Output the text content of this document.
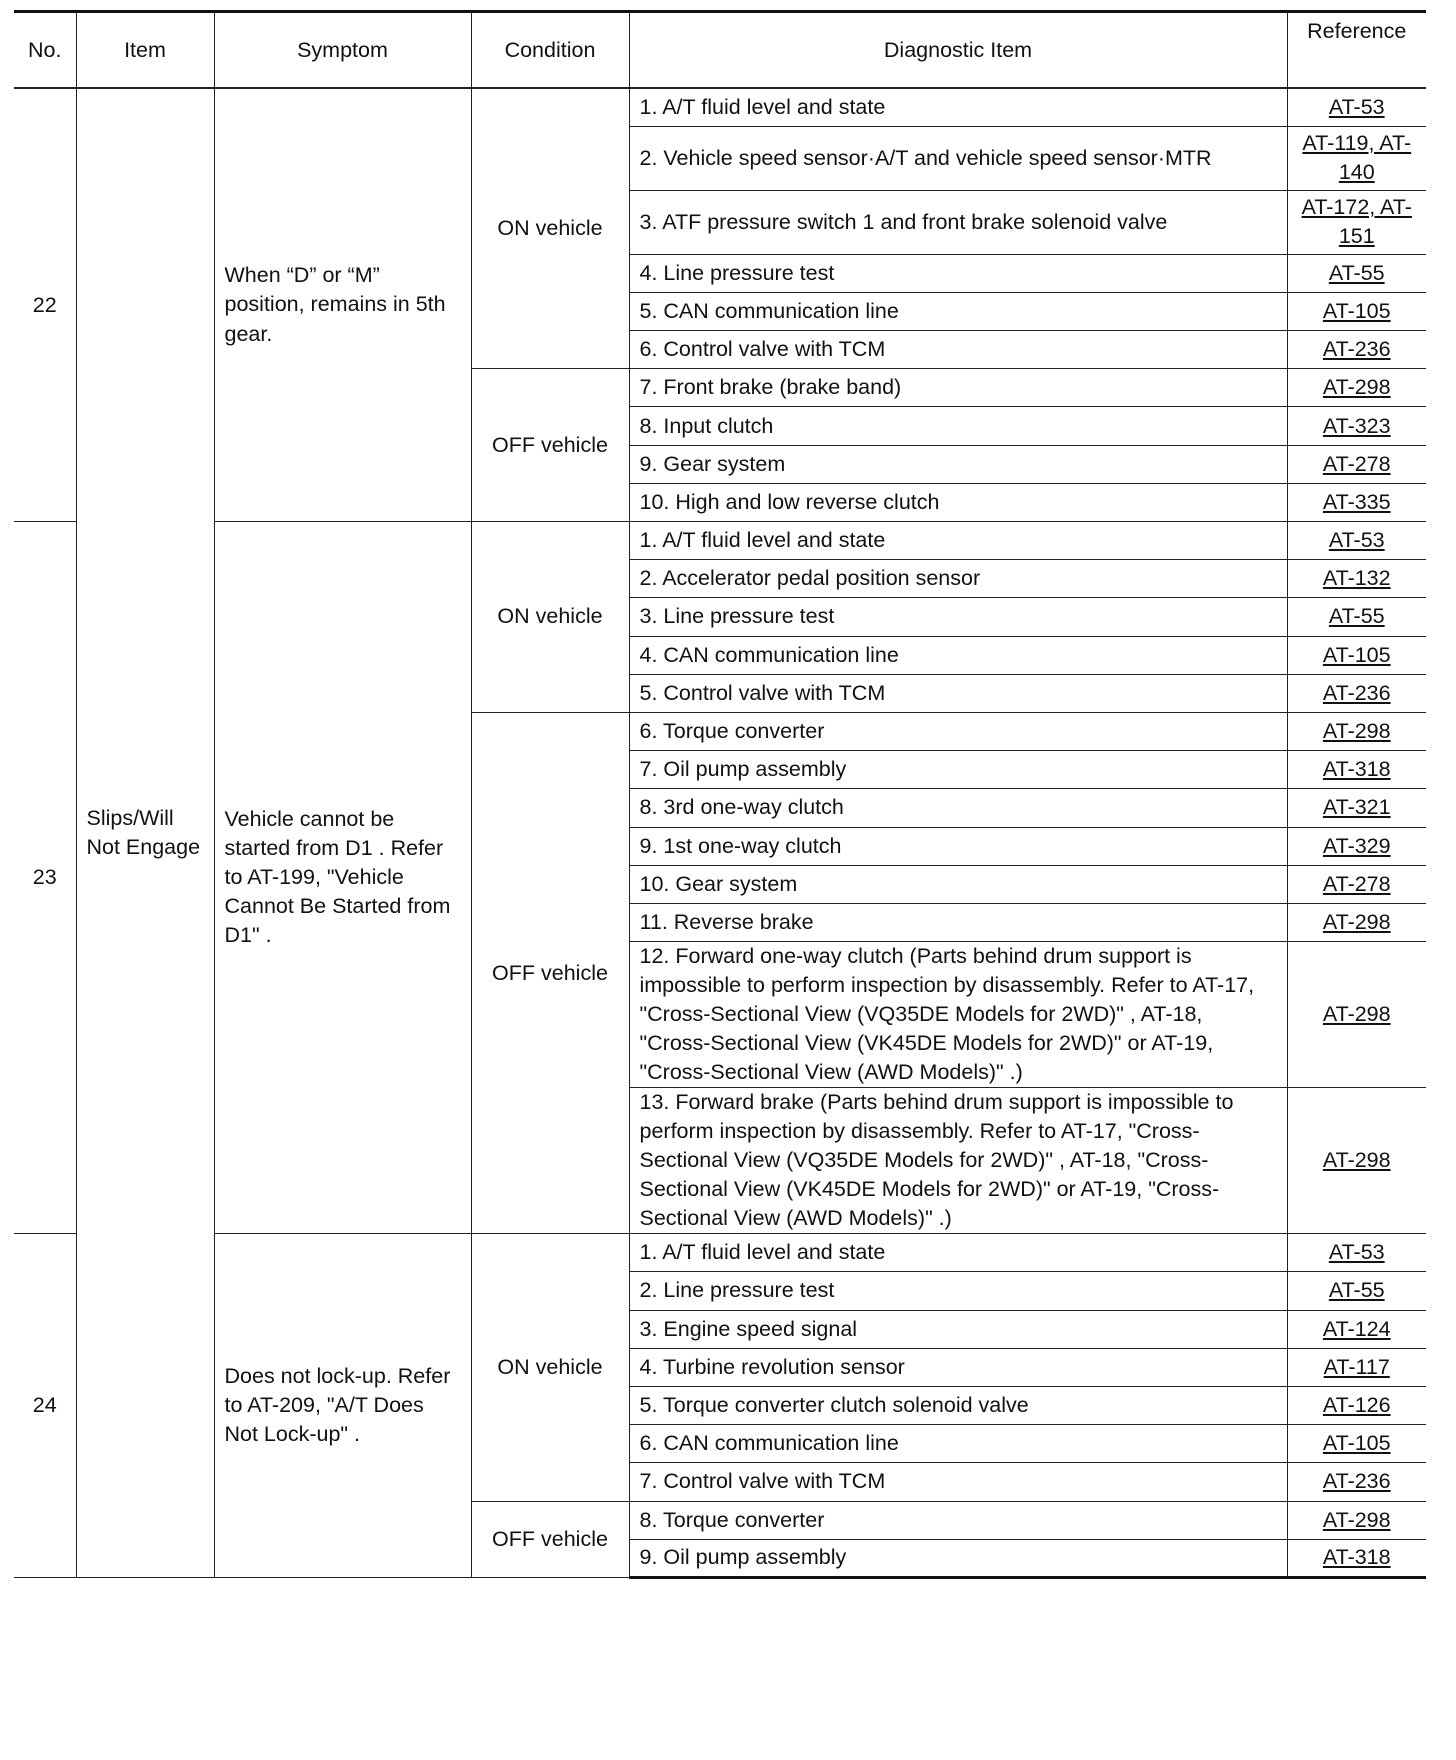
No.	Item	Symptom	Condition	Diagnostic Item	Reference
22	Slips/Will Not Engage	When “D” or “M” position, remains in 5th gear.	ON vehicle	1. A/T fluid level and state	AT-53
				2. Vehicle speed sensor·A/T and vehicle speed sensor·MTR	AT-119, AT-140
				3. ATF pressure switch 1 and front brake solenoid valve	AT-172, AT-151
				4. Line pressure test	AT-55
				5. CAN communication line	AT-105
				6. Control valve with TCM	AT-236
			OFF vehicle	7. Front brake (brake band)	AT-298
				8. Input clutch	AT-323
				9. Gear system	AT-278
				10. High and low reverse clutch	AT-335
23		Vehicle cannot be started from D1 . Refer to AT-199, "Vehicle Cannot Be Started from D1" .	ON vehicle	1. A/T fluid level and state	AT-53
				2. Accelerator pedal position sensor	AT-132
				3. Line pressure test	AT-55
				4. CAN communication line	AT-105
				5. Control valve with TCM	AT-236
			OFF vehicle	6. Torque converter	AT-298
				7. Oil pump assembly	AT-318
				8. 3rd one-way clutch	AT-321
				9. 1st one-way clutch	AT-329
				10. Gear system	AT-278
				11. Reverse brake	AT-298
				12. Forward one-way clutch (Parts behind drum support is impossible to perform inspection by disassembly. Refer to AT-17, "Cross-Sectional View (VQ35DE Models for 2WD)" , AT-18, "Cross-Sectional View (VK45DE Models for 2WD)" or AT-19, "Cross-Sectional View (AWD Models)" .)	AT-298
				13. Forward brake (Parts behind drum support is impossible to perform inspection by disassembly. Refer to AT-17, "Cross-Sectional View (VQ35DE Models for 2WD)" , AT-18, "Cross-Sectional View (VK45DE Models for 2WD)" or AT-19, "Cross-Sectional View (AWD Models)" .)	AT-298
24		Does not lock-up. Refer to AT-209, "A/T Does Not Lock-up" .	ON vehicle	1. A/T fluid level and state	AT-53
				2. Line pressure test	AT-55
				3. Engine speed signal	AT-124
				4. Turbine revolution sensor	AT-117
				5. Torque converter clutch solenoid valve	AT-126
				6. CAN communication line	AT-105
				7. Control valve with TCM	AT-236
			OFF vehicle	8. Torque converter	AT-298
				9. Oil pump assembly	AT-318
